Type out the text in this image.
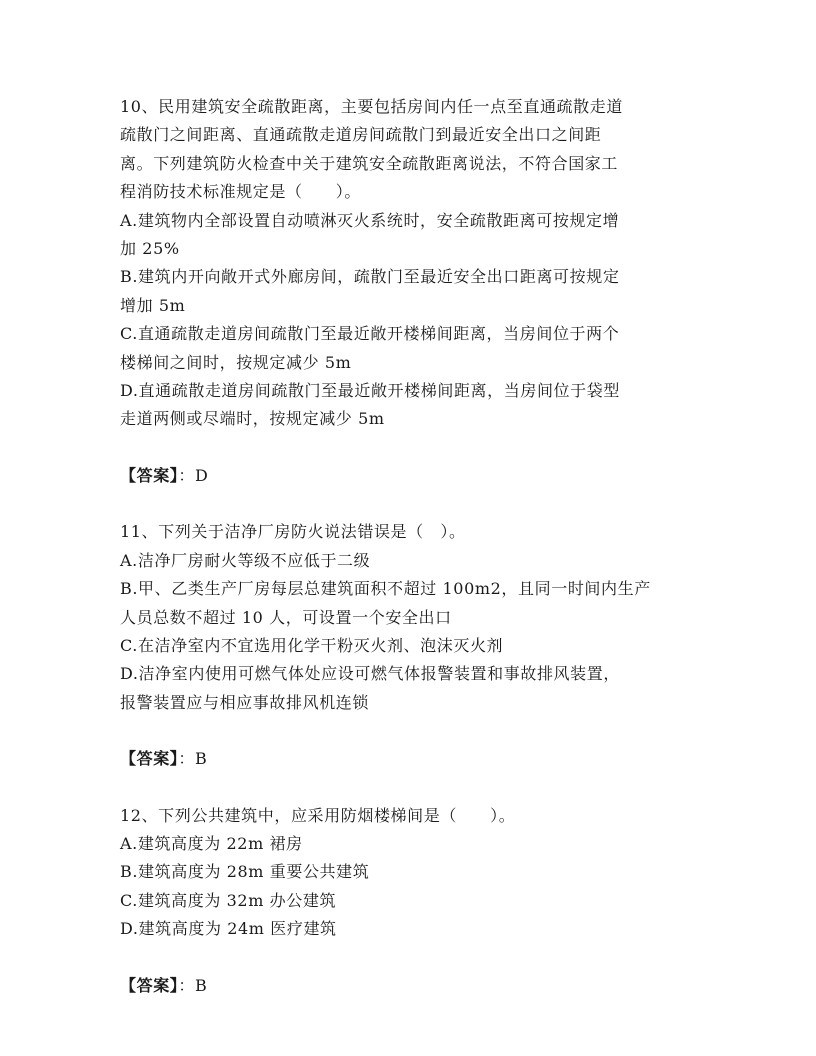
10、民用建筑安全疏散距离，主要包括房间内任一点至直通疏散走道
疏散门之间距离、直通疏散走道房间疏散门到最近安全出口之间距
离。下列建筑防火检查中关于建筑安全疏散距离说法，不符合国家工
程消防技术标准规定是（　　）。
A.建筑物内全部设置自动喷淋灭火系统时，安全疏散距离可按规定增
加 25%
B.建筑内开向敞开式外廊房间，疏散门至最近安全出口距离可按规定
增加 5m
C.直通疏散走道房间疏散门至最近敞开楼梯间距离，当房间位于两个
楼梯间之间时，按规定减少 5m
D.直通疏散走道房间疏散门至最近敞开楼梯间距离，当房间位于袋型
走道两侧或尽端时，按规定减少 5m
【答案】：D
11、下列关于洁净厂房防火说法错误是（　）。
A.洁净厂房耐火等级不应低于二级
B.甲、乙类生产厂房每层总建筑面积不超过 100m2，且同一时间内生产
人员总数不超过 10 人，可设置一个安全出口
C.在洁净室内不宜选用化学干粉灭火剂、泡沫灭火剂
D.洁净室内使用可燃气体处应设可燃气体报警装置和事故排风装置，
报警装置应与相应事故排风机连锁
【答案】：B
12、下列公共建筑中，应采用防烟楼梯间是（　　）。
A.建筑高度为 22m 裙房
B.建筑高度为 28m 重要公共建筑
C.建筑高度为 32m 办公建筑
D.建筑高度为 24m 医疗建筑
【答案】：B
